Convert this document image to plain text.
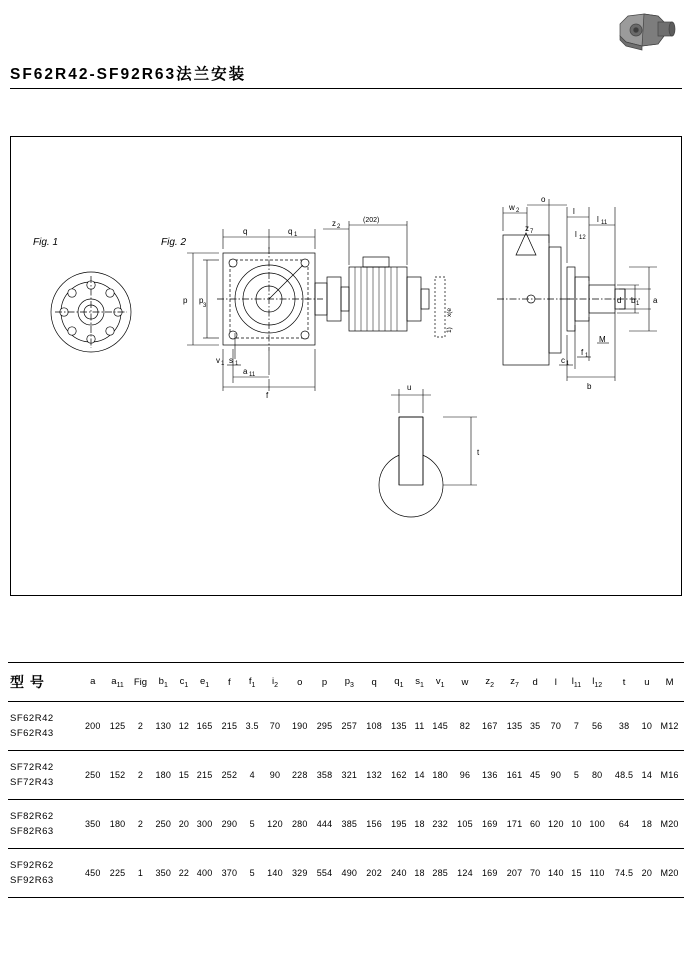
SF62R42-SF92R63法兰安装
Fig. 1	Fig. 2
q	q 1
z 2
(202)
p p
3
v 1 s 1
a 11
f
x(e
1)
w 2
o
l
l 11
l 12
z 7
d b 1 a
c 1
f 1
M
b
u
t
型 号	a	$a_{11}$	Fig	$b_1$	$c_1$	$e_1$	f	$f_1$	$i_2$	o	p	$p_3$	q	$q_1$	$s_1$	$v_1$	w	$z_2$	$z_7$	d	l	$l_{11}$	$l_{12}$	t	u	M
SF62R42
SF62R43	200	125	2	130	12	165	215	3.5	70	190	295	257	108	135	11	145	82	167	135	35	70	7	56	38	10	M12
SF72R42
SF72R43	250	152	2	180	15	215	252	4	90	228	358	321	132	162	14	180	96	136	161	45	90	5	80	48.5	14	M16
SF82R62
SF82R63	350	180	2	250	20	300	290	5	120	280	444	385	156	195	18	232	105	169	171	60	120	10	100	64	18	M20
SF92R62
SF92R63	450	225	1	350	22	400	370	5	140	329	554	490	202	240	18	285	124	169	207	70	140	15	110	74.5	20	M20
